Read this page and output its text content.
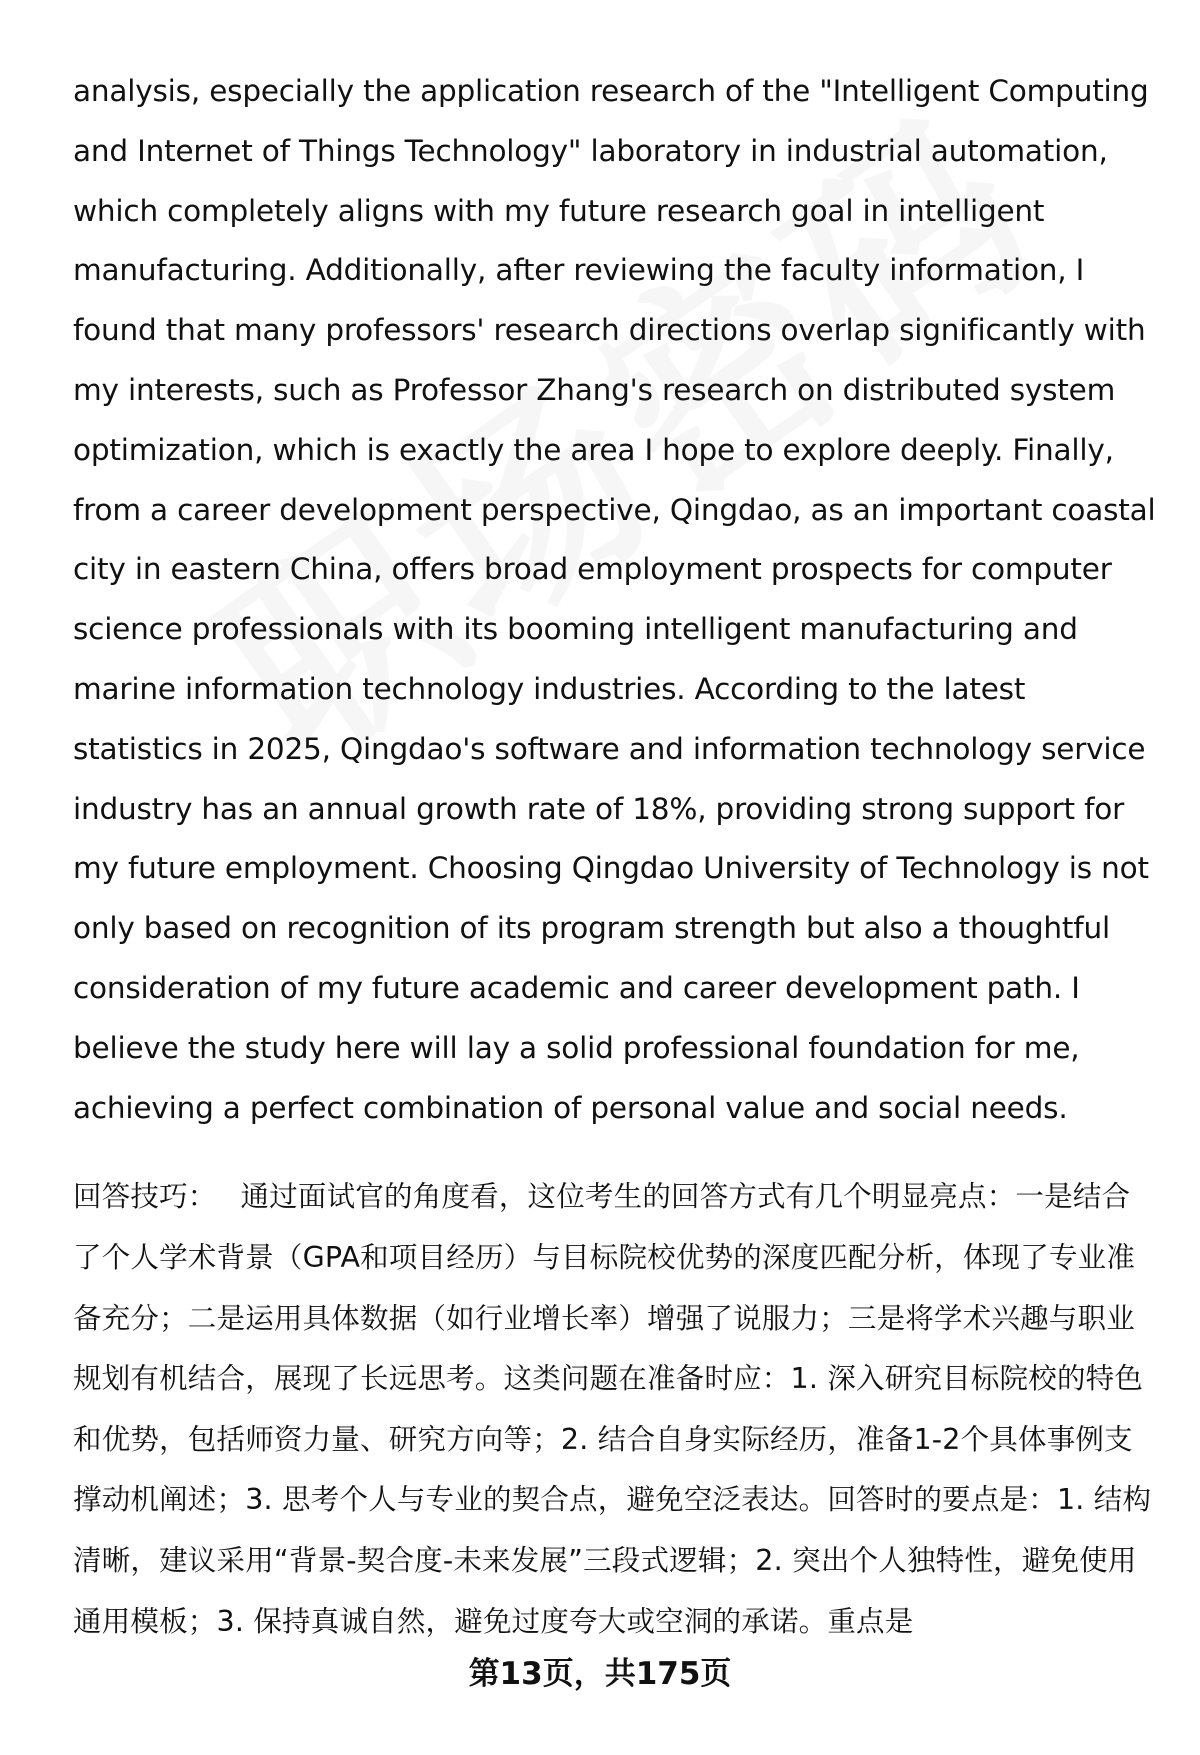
analysis, especially the application research of the "Intelligent Computing and Internet of Things Technology" laboratory in industrial automation, which completely aligns with my future research goal in intelligent manufacturing. Additionally, after reviewing the faculty information, I found that many professors' research directions overlap significantly with my interests, such as Professor Zhang's research on distributed system optimization, which is exactly the area I hope to explore deeply. Finally, from a career development perspective, Qingdao, as an important coastal city in eastern China, offers broad employment prospects for computer science professionals with its booming intelligent manufacturing and marine information technology industries. According to the latest statistics in 2025, Qingdao's software and information technology service industry has an annual growth rate of 18%, providing strong support for my future employment. Choosing Qingdao University of Technology is not only based on recognition of its program strength but also a thoughtful consideration of my future academic and career development path. I believe the study here will lay a solid professional foundation for me, achieving a perfect combination of personal value and social needs.

回答技巧： 通过面试官的角度看，这位考生的回答方式有几个明显亮点：一是结合了个人学术背景（GPA和项目经历）与目标院校优势的深度匹配分析，体现了专业准备充分；二是运用具体数据（如行业增长率）增强了说服力；三是将学术兴趣与职业规划有机结合，展现了长远思考。这类问题在准备时应：1. 深入研究目标院校的特色和优势，包括师资力量、研究方向等；2. 结合自身实际经历，准备1-2个具体事例支撑动机阐述；3. 思考个人与专业的契合点，避免空泛表达。回答时的要点是：1. 结构清晰，建议采用“背景-契合度-未来发展”三段式逻辑；2. 突出个人独特性，避免使用通用模板；3. 保持真诚自然，避免过度夸大或空洞的承诺。重点是

第13页，共175页
